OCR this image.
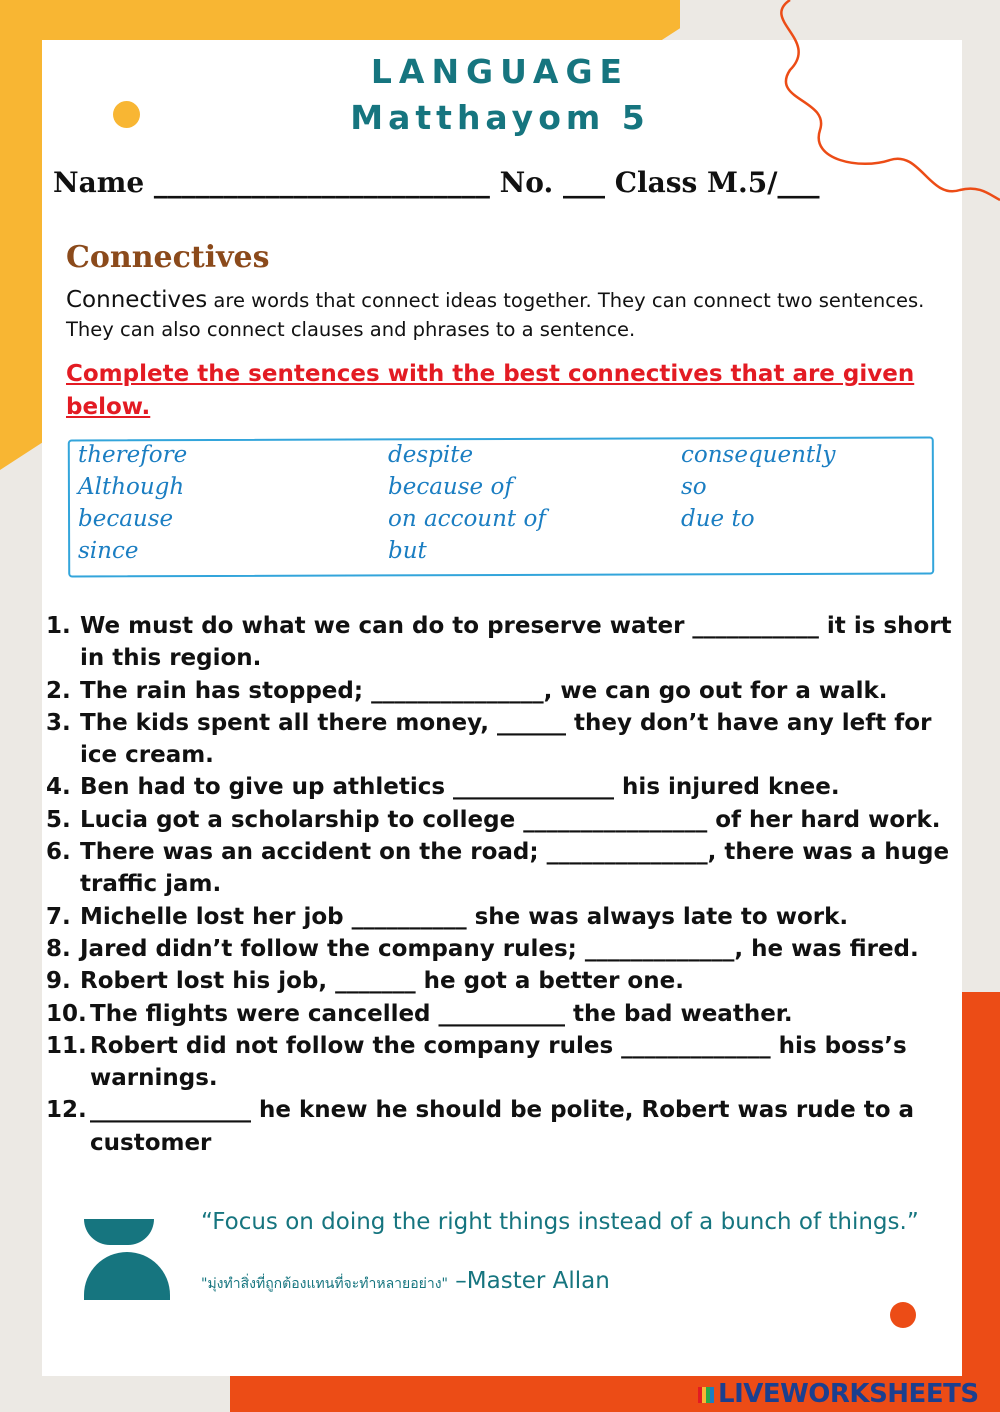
LANGUAGE
Matthayom 5
Name ________________________ No. ___ Class M.5/___
Connectives
Connectives are words that connect ideas together. They can connect two sentences. They can also connect clauses and phrases to a sentence.
Complete the sentences with the best connectives that are given below.
therefore
Although
because
since
despite
because of
on account of
but
consequently
so
due to
1. We must do what we can do to preserve water ___________ it is short in this region.
2. The rain has stopped; _______________, we can go out for a walk.
3. The kids spent all there money, ______ they don’t have any left for ice cream.
4. Ben had to give up athletics ______________ his injured knee.
5. Lucia got a scholarship to college ________________ of her hard work.
6. There was an accident on the road; ______________, there was a huge traffic jam.
7. Michelle lost her job __________ she was always late to work.
8. Jared didn’t follow the company rules; _____________, he was fired.
9. Robert lost his job, _______ he got a better one.
10. The flights were cancelled ___________ the bad weather.
11. Robert did not follow the company rules _____________ his boss’s warnings.
12. ______________ he knew he should be polite, Robert was rude to a customer
“Focus on doing the right things instead of a bunch of things.”
"มุ่งทำสิ่งที่ถูกต้องแทนที่จะทำหลายอย่าง" –Master Allan
LIVEWORKSHEETS
